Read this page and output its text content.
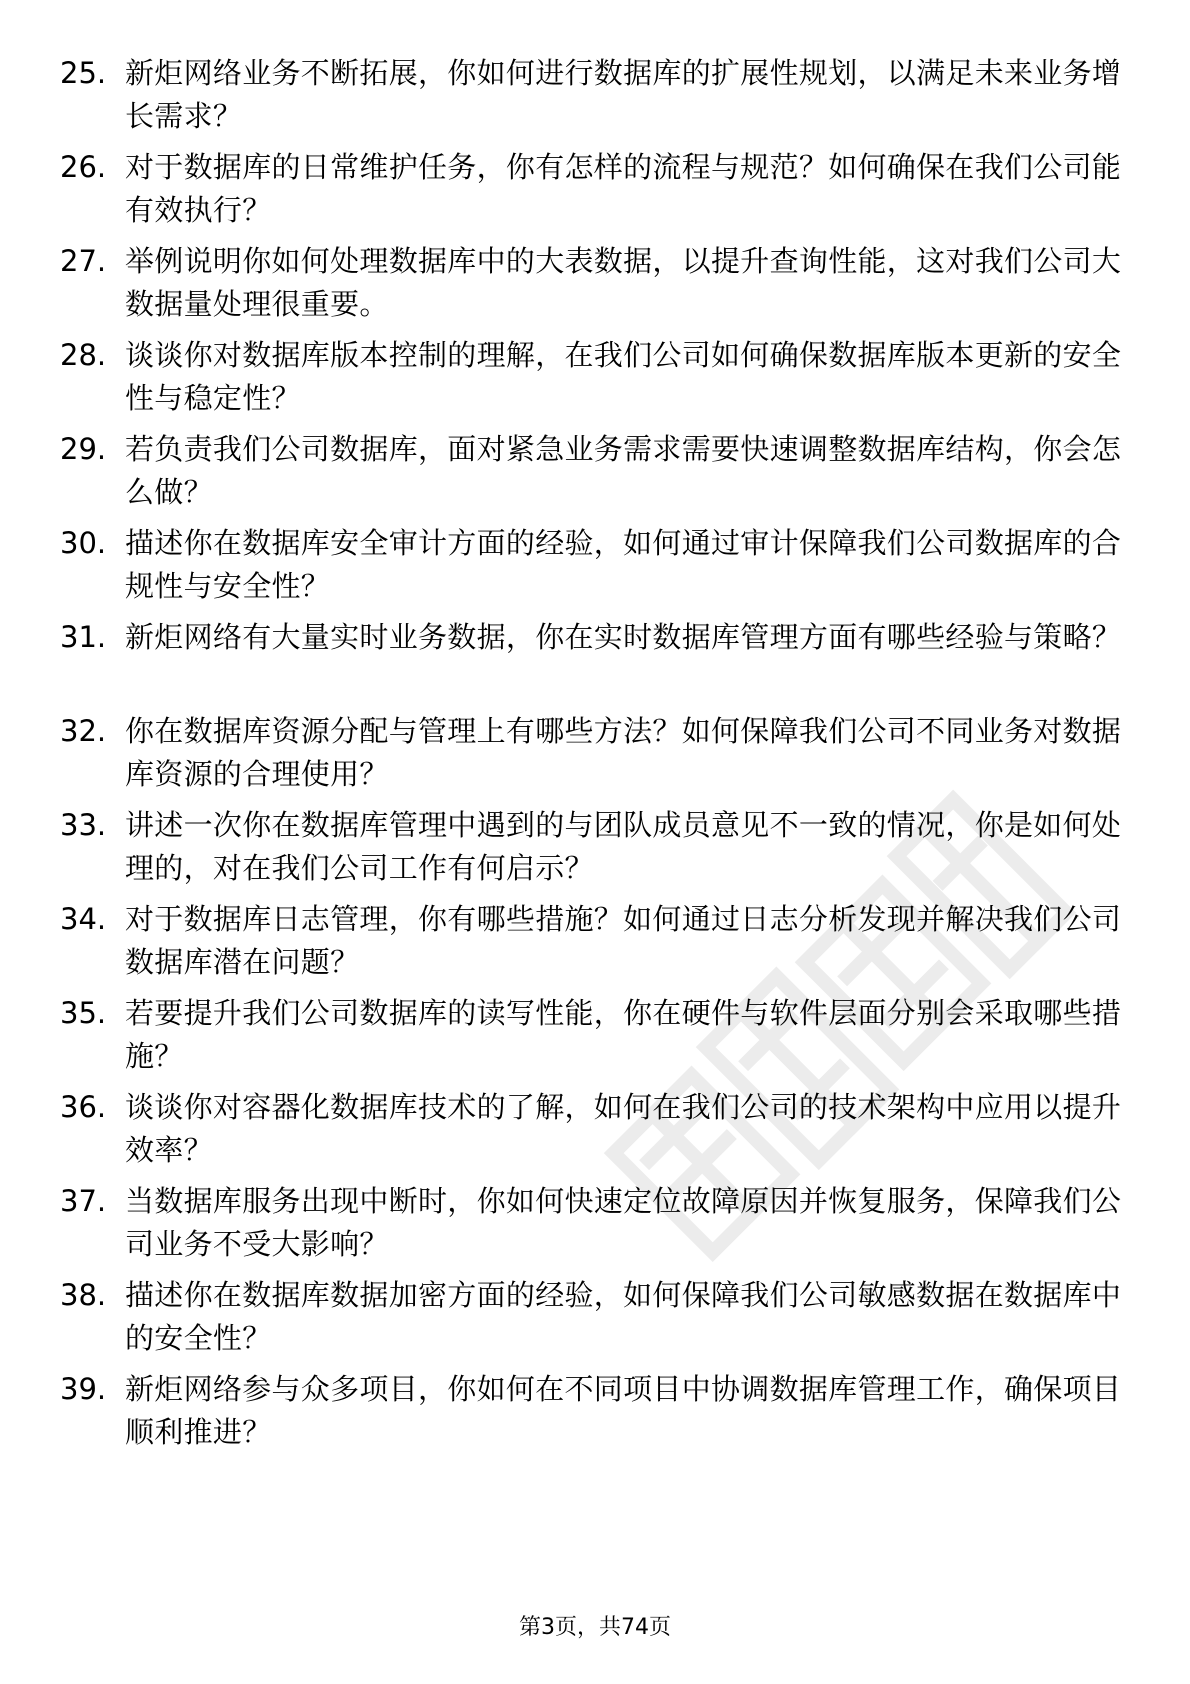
25. 新炬网络业务不断拓展，你如何进行数据库的扩展性规划，以满足未来业务增长需求？
26. 对于数据库的日常维护任务，你有怎样的流程与规范？如何确保在我们公司能有效执行？
27. 举例说明你如何处理数据库中的大表数据，以提升查询性能，这对我们公司大数据量处理很重要。
28. 谈谈你对数据库版本控制的理解，在我们公司如何确保数据库版本更新的安全性与稳定性？
29. 若负责我们公司数据库，面对紧急业务需求需要快速调整数据库结构，你会怎么做？
30. 描述你在数据库安全审计方面的经验，如何通过审计保障我们公司数据库的合规性与安全性？
31. 新炬网络有大量实时业务数据，你在实时数据库管理方面有哪些经验与策略？
32. 你在数据库资源分配与管理上有哪些方法？如何保障我们公司不同业务对数据库资源的合理使用？
33. 讲述一次你在数据库管理中遇到的与团队成员意见不一致的情况，你是如何处理的，对在我们公司工作有何启示？
34. 对于数据库日志管理，你有哪些措施？如何通过日志分析发现并解决我们公司数据库潜在问题？
35. 若要提升我们公司数据库的读写性能，你在硬件与软件层面分别会采取哪些措施？
36. 谈谈你对容器化数据库技术的了解，如何在我们公司的技术架构中应用以提升效率？
37. 当数据库服务出现中断时，你如何快速定位故障原因并恢复服务，保障我们公司业务不受大影响？
38. 描述你在数据库数据加密方面的经验，如何保障我们公司敏感数据在数据库中的安全性？
39. 新炬网络参与众多项目，你如何在不同项目中协调数据库管理工作，确保项目顺利推进？
第3页，共74页
